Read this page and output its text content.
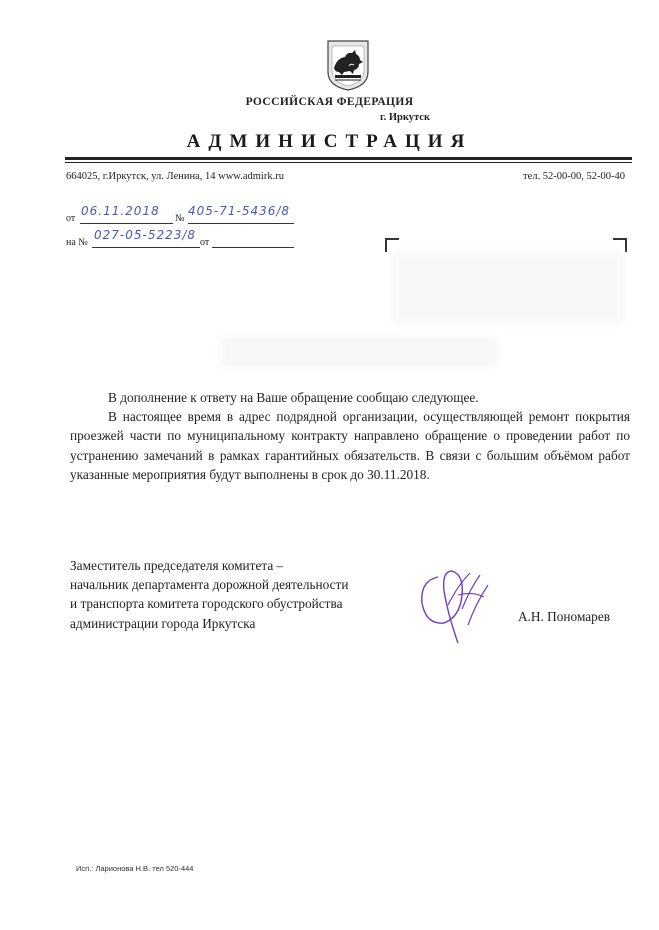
РОССИЙСКАЯ ФЕДЕРАЦИЯ
г. Иркутск
АДМИНИСТРАЦИЯ
664025, г.Иркутск, ул. Ленина, 14 www.admirk.ru	тел. 52-00-00, 52-00-40
от
06.11.2018
№
405-71-5436/8
на №
027-05-5223/8
от

В дополнение к ответу на Ваше обращение сообщаю следующее.

В настоящее время в адрес подрядной организации, осуществляющей ремонт покрытия проезжей части по муниципальному контракту направлено обращение о проведении работ по устранению замечаний в рамках гарантийных обязательств. В связи с большим объёмом работ указанные мероприятия будут выполнены в срок до 30.11.2018.

Заместитель председателя комитета –
начальник департамента дорожной деятельности
и транспорта комитета городского обустройства
администрации города Иркутска	А.Н. Пономарев
Исп.: Ларионова Н.В. тел 520-444
